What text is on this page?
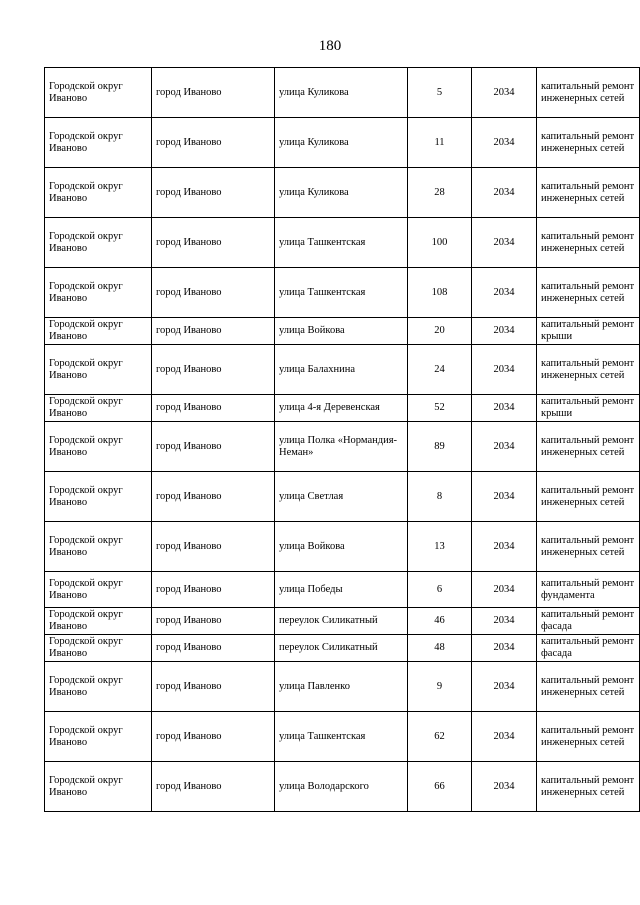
180
Городской округ Иваново	город Иваново	улица Куликова	5	2034	капитальный ремонт инженерных сетей
Городской округ Иваново	город Иваново	улица Куликова	11	2034	капитальный ремонт инженерных сетей
Городской округ Иваново	город Иваново	улица Куликова	28	2034	капитальный ремонт инженерных сетей
Городской округ Иваново	город Иваново	улица Ташкентская	100	2034	капитальный ремонт инженерных сетей
Городской округ Иваново	город Иваново	улица Ташкентская	108	2034	капитальный ремонт инженерных сетей
Городской округ Иваново	город Иваново	улица Войкова	20	2034	капитальный ремонт крыши
Городской округ Иваново	город Иваново	улица Балахнина	24	2034	капитальный ремонт инженерных сетей
Городской округ Иваново	город Иваново	улица 4-я Деревенская	52	2034	капитальный ремонт крыши
Городской округ Иваново	город Иваново	улица Полка «Нормандия-Неман»	89	2034	капитальный ремонт инженерных сетей
Городской округ Иваново	город Иваново	улица Светлая	8	2034	капитальный ремонт инженерных сетей
Городской округ Иваново	город Иваново	улица Войкова	13	2034	капитальный ремонт инженерных сетей
Городской округ Иваново	город Иваново	улица Победы	6	2034	капитальный ремонт фундамента
Городской округ Иваново	город Иваново	переулок Силикатный	46	2034	капитальный ремонт фасада
Городской округ Иваново	город Иваново	переулок Силикатный	48	2034	капитальный ремонт фасада
Городской округ Иваново	город Иваново	улица Павленко	9	2034	капитальный ремонт инженерных сетей
Городской округ Иваново	город Иваново	улица Ташкентская	62	2034	капитальный ремонт инженерных сетей
Городской округ Иваново	город Иваново	улица Володарского	66	2034	капитальный ремонт инженерных сетей
